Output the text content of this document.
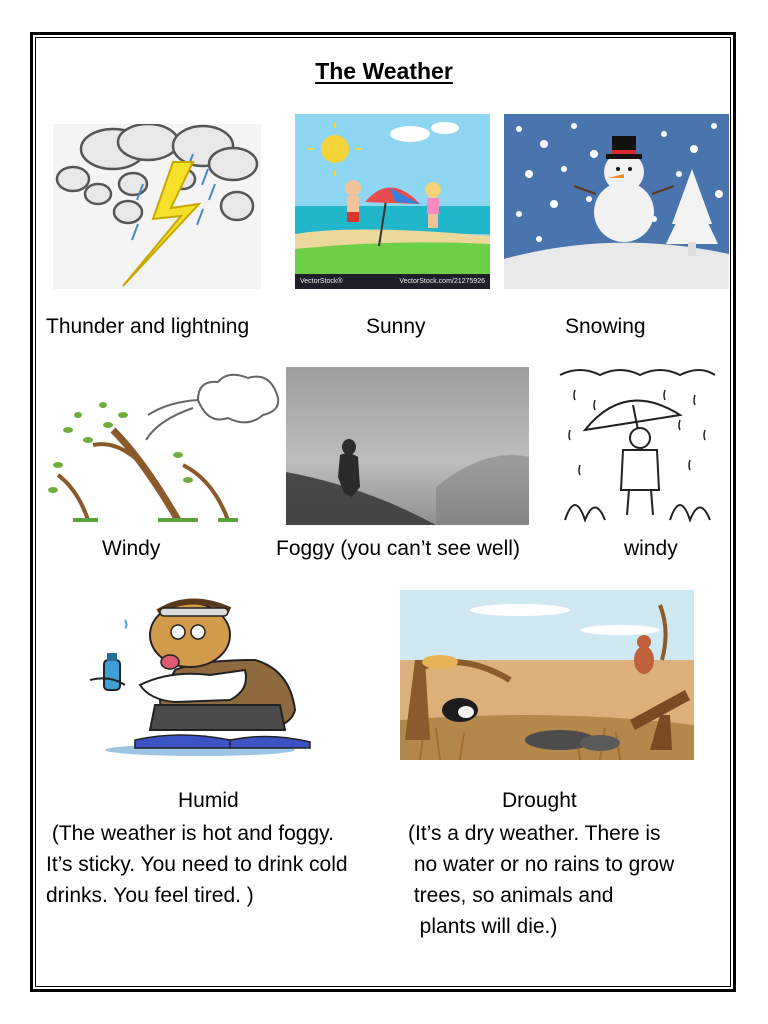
The Weather
VectorStock®	VectorStock.com/21275926
Thunder and lightning	Sunny	Snowing
Windy	Foggy (you can’t see well)	windy
Humid	Drought
(The weather is hot and foggy.
It’s sticky. You need to drink cold
drinks. You feel tired. )
(It’s a dry weather. There is
no water or no rains to grow
trees, so animals and
plants will die.)
